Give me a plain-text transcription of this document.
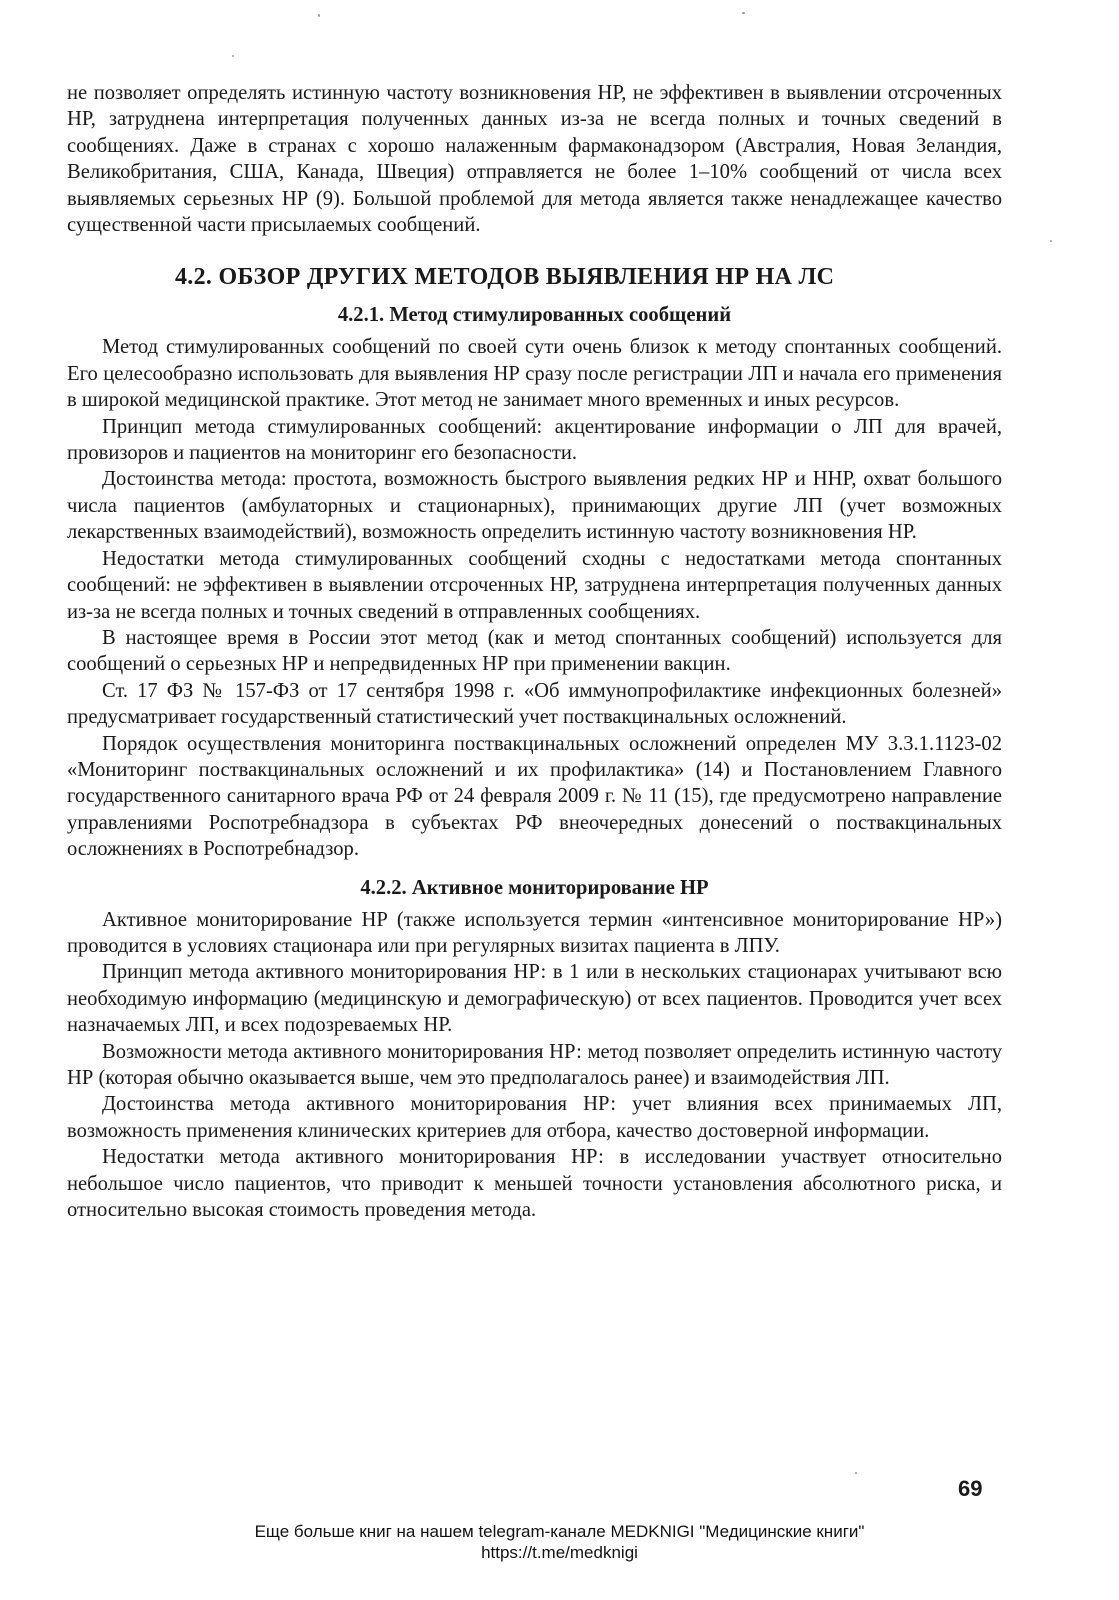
не позволяет определять истинную частоту возникновения НР, не эффективен в выявлении отсроченных НР, затруднена интерпретация полученных данных из-за не всегда полных и точных сведений в сообщениях. Даже в странах с хорошо налаженным фармаконадзором (Австралия, Новая Зеландия, Великобритания, США, Канада, Швеция) отправляется не более 1–10% сообщений от числа всех выявляемых серьезных НР (9). Большой проблемой для метода является также ненадлежащее качество существенной части присылаемых сообщений.

4.2. ОБЗОР ДРУГИХ МЕТОДОВ ВЫЯВЛЕНИЯ НР НА ЛС
4.2.1. Метод стимулированных сообщений

Метод стимулированных сообщений по своей сути очень близок к методу спонтанных сообщений. Его целесообразно использовать для выявления НР сразу после регистрации ЛП и начала его применения в широкой медицинской практике. Этот метод не занимает много временных и иных ресурсов.

Принцип метода стимулированных сообщений: акцентирование информации о ЛП для врачей, провизоров и пациентов на мониторинг его безопасности.

Достоинства метода: простота, возможность быстрого выявления редких НР и ННР, охват большого числа пациентов (амбулаторных и стационарных), принимающих другие ЛП (учет возможных лекарственных взаимодействий), возможность определить истинную частоту возникновения НР.

Недостатки метода стимулированных сообщений сходны с недостатками метода спонтанных сообщений: не эффективен в выявлении отсроченных НР, затруднена интерпретация полученных данных из-за не всегда полных и точных сведений в отправленных сообщениях.

В настоящее время в России этот метод (как и метод спонтанных сообщений) используется для сообщений о серьезных НР и непредвиденных НР при применении вакцин.

Ст. 17 ФЗ № 157-ФЗ от 17 сентября 1998 г. «Об иммунопрофилактике инфекционных болезней» предусматривает государственный статистический учет поствакцинальных осложнений.

Порядок осуществления мониторинга поствакцинальных осложнений определен МУ 3.3.1.1123-02 «Мониторинг поствакцинальных осложнений и их профилактика» (14) и Постановлением Главного государственного санитарного врача РФ от 24 февраля 2009 г. № 11 (15), где предусмотрено направление управлениями Роспотребнадзора в субъектах РФ внеочередных донесений о поствакцинальных осложнениях в Роспотребнадзор.

4.2.2. Активное мониторирование НР

Активное мониторирование НР (также используется термин «интенсивное мониторирование НР») проводится в условиях стационара или при регулярных визитах пациента в ЛПУ.

Принцип метода активного мониторирования НР: в 1 или в нескольких стационарах учитывают всю необходимую информацию (медицинскую и демографическую) от всех пациентов. Проводится учет всех назначаемых ЛП, и всех подозреваемых НР.

Возможности метода активного мониторирования НР: метод позволяет определить истинную частоту НР (которая обычно оказывается выше, чем это предполагалось ранее) и взаимодействия ЛП.

Достоинства метода активного мониторирования НР: учет влияния всех принимаемых ЛП, возможность применения клинических критериев для отбора, качество достоверной информации.

Недостатки метода активного мониторирования НР: в исследовании участвует относительно небольшое число пациентов, что приводит к меньшей точности установления абсолютного риска, и относительно высокая стоимость проведения метода.

69
Еще больше книг на нашем telegram-канале MEDKNIGI "Медицинские книги"
https://t.me/medknigi
